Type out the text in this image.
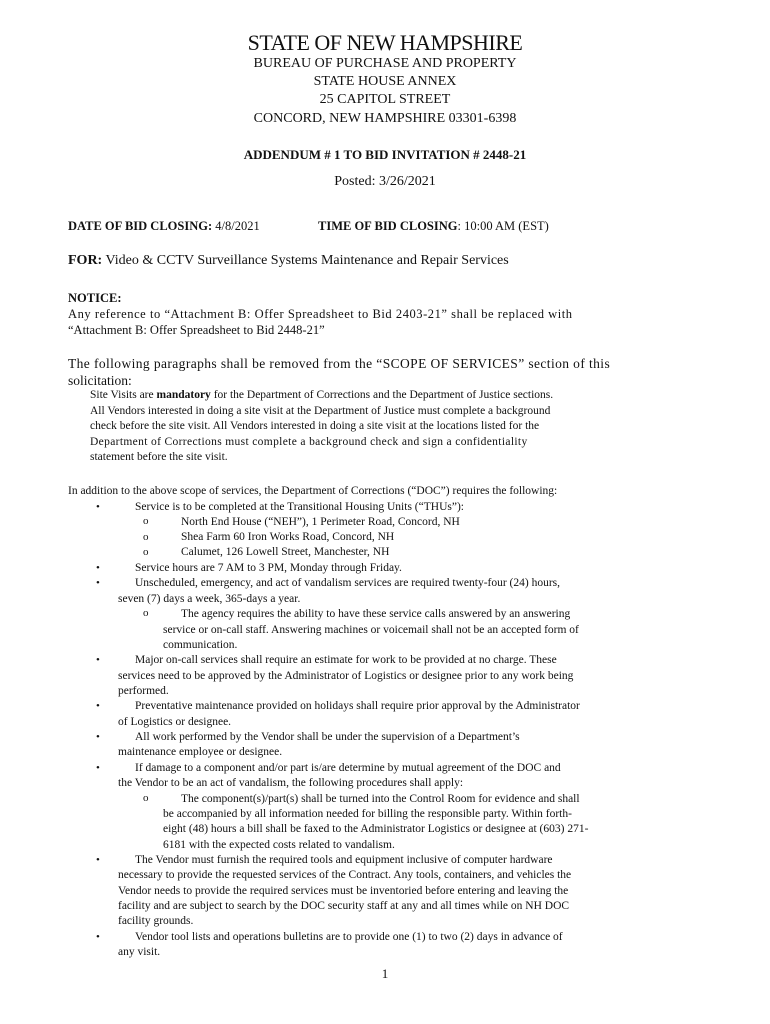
STATE OF NEW HAMPSHIRE
BUREAU OF PURCHASE AND PROPERTY
STATE HOUSE ANNEX
25 CAPITOL STREET
CONCORD, NEW HAMPSHIRE 03301-6398
ADDENDUM # 1 TO BID INVITATION # 2448-21
Posted: 3/26/2021
DATE OF BID CLOSING: 4/8/2021	TIME OF BID CLOSING: 10:00 AM (EST)
FOR: Video & CCTV Surveillance Systems Maintenance and Repair Services
NOTICE:
Any reference to “Attachment B: Offer Spreadsheet to Bid 2403-21” shall be replaced with
“Attachment B: Offer Spreadsheet to Bid 2448-21”
The following paragraphs shall be removed from the “SCOPE OF SERVICES” section of this
solicitation:
Site Visits are mandatory for the Department of Corrections and the Department of Justice sections.
All Vendors interested in doing a site visit at the Department of Justice must complete a background
check before the site visit. All Vendors interested in doing a site visit at the locations listed for the
Department of Corrections must complete a background check and sign a confidentiality
statement before the site visit.
In addition to the above scope of services, the Department of Corrections (“DOC”) requires the following:
•	Service is to be completed at the Transitional Housing Units (“THUs”):
o	North End House (“NEH”), 1 Perimeter Road, Concord, NH
o	Shea Farm 60 Iron Works Road, Concord, NH
o	Calumet, 126 Lowell Street, Manchester, NH
•	Service hours are 7 AM to 3 PM, Monday through Friday.
•	Unscheduled, emergency, and act of vandalism services are required twenty-four (24) hours,
seven (7) days a week, 365-days a year.
o	The agency requires the ability to have these service calls answered by an answering
service or on-call staff. Answering machines or voicemail shall not be an accepted form of
communication.
•	Major on-call services shall require an estimate for work to be provided at no charge. These
services need to be approved by the Administrator of Logistics or designee prior to any work being
performed.
•	Preventative maintenance provided on holidays shall require prior approval by the Administrator
of Logistics or designee.
•	All work performed by the Vendor shall be under the supervision of a Department’s
maintenance employee or designee.
•	If damage to a component and/or part is/are determine by mutual agreement of the DOC and
the Vendor to be an act of vandalism, the following procedures shall apply:
o	The component(s)/part(s) shall be turned into the Control Room for evidence and shall
be accompanied by all information needed for billing the responsible party. Within forth-
eight (48) hours a bill shall be faxed to the Administrator Logistics or designee at (603) 271-
6181 with the expected costs related to vandalism.
•	The Vendor must furnish the required tools and equipment inclusive of computer hardware
necessary to provide the requested services of the Contract. Any tools, containers, and vehicles the
Vendor needs to provide the required services must be inventoried before entering and leaving the
facility and are subject to search by the DOC security staff at any and all times while on NH DOC
facility grounds.
•	Vendor tool lists and operations bulletins are to provide one (1) to two (2) days in advance of
any visit.
1
